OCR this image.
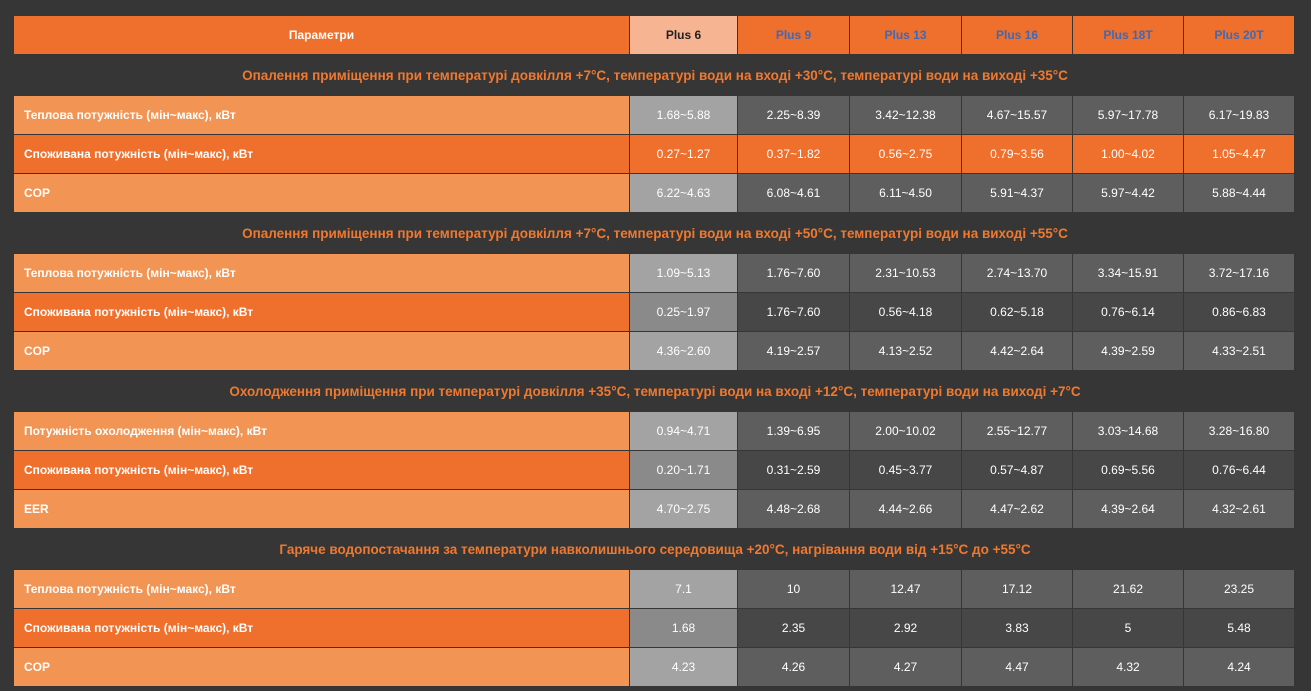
Параметри	Plus 6	Plus 9	Plus 13	Plus 16	Plus 18T	Plus 20T
Опалення приміщення при температурі довкілля +7°C, температурі води на вході +30°C, температурі води на виході +35°C
Теплова потужність (мін~макс), кВт	1.68~5.88	2.25~8.39	3.42~12.38	4.67~15.57	5.97~17.78	6.17~19.83
Споживана потужність (мін~макс), кВт	0.27~1.27	0.37~1.82	0.56~2.75	0.79~3.56	1.00~4.02	1.05~4.47
COP	6.22~4.63	6.08~4.61	6.11~4.50	5.91~4.37	5.97~4.42	5.88~4.44
Опалення приміщення при температурі довкілля +7°C, температурі води на вході +50°C, температурі води на виході +55°C
Теплова потужність (мін~макс), кВт	1.09~5.13	1.76~7.60	2.31~10.53	2.74~13.70	3.34~15.91	3.72~17.16
Споживана потужність (мін~макс), кВт	0.25~1.97	1.76~7.60	0.56~4.18	0.62~5.18	0.76~6.14	0.86~6.83
COP	4.36~2.60	4.19~2.57	4.13~2.52	4.42~2.64	4.39~2.59	4.33~2.51
Охолодження приміщення при температурі довкілля +35°C, температурі води на вході +12°C, температурі води на виході +7°C
Потужність охолодження (мін~макс), кВт	0.94~4.71	1.39~6.95	2.00~10.02	2.55~12.77	3.03~14.68	3.28~16.80
Споживана потужність (мін~макс), кВт	0.20~1.71	0.31~2.59	0.45~3.77	0.57~4.87	0.69~5.56	0.76~6.44
EER	4.70~2.75	4.48~2.68	4.44~2.66	4.47~2.62	4.39~2.64	4.32~2.61
Гаряче водопостачання за температури навколишнього середовища +20°C, нагрівання води від +15°C до +55°C
Теплова потужність (мін~макс), кВт	7.1	10	12.47	17.12	21.62	23.25
Споживана потужність (мін~макс), кВт	1.68	2.35	2.92	3.83	5	5.48
COP	4.23	4.26	4.27	4.47	4.32	4.24
